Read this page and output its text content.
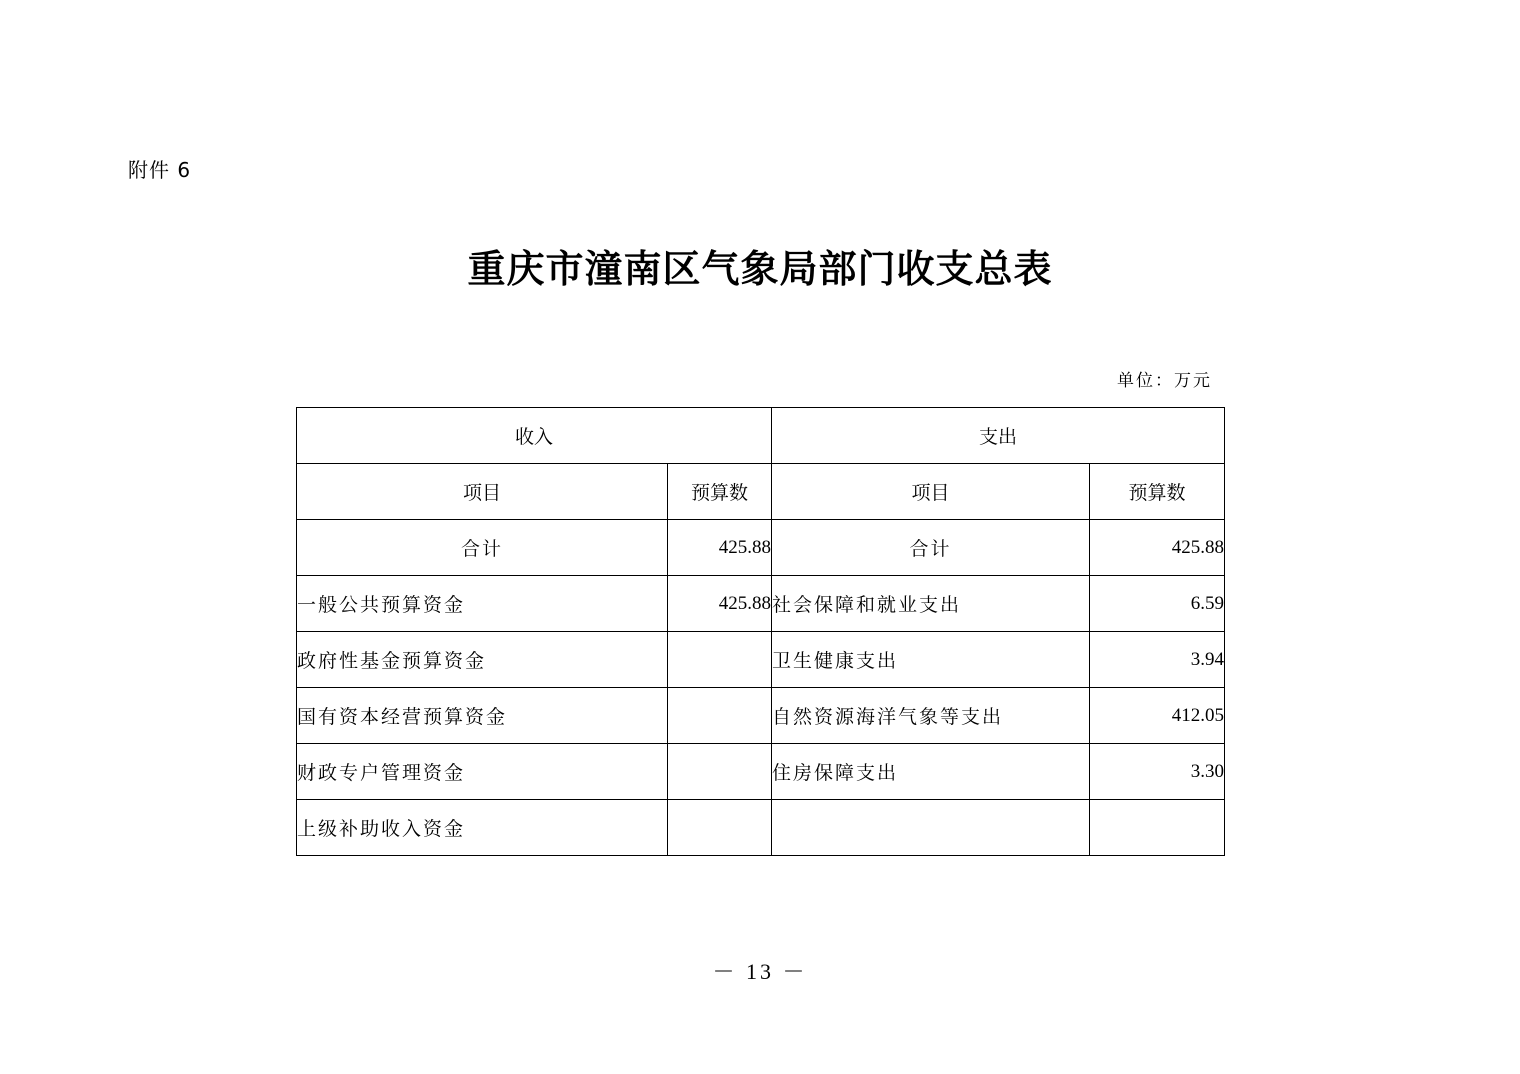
附件 6
重庆市潼南区气象局部门收支总表
单位：万元
收入		支出	
项目	预算数	项目	预算数
合计	425.88	合计	425.88
一般公共预算资金	425.88	社会保障和就业支出	6.59
政府性基金预算资金		卫生健康支出	3.94
国有资本经营预算资金		自然资源海洋气象等支出	412.05
财政专户管理资金		住房保障支出	3.30
上级补助收入资金			
－ 13 －
